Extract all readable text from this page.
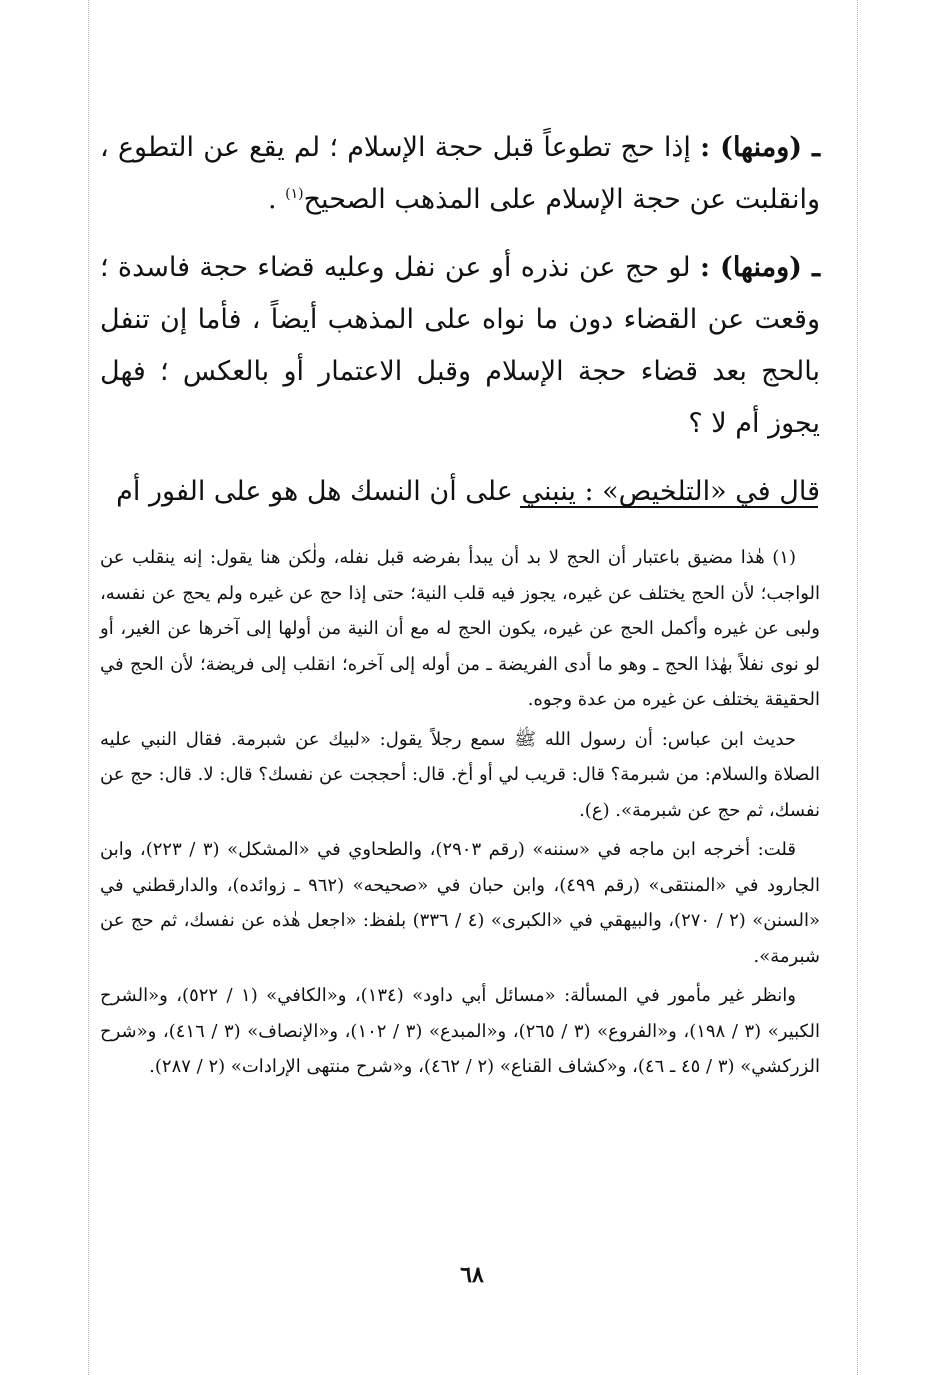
ـ (ومنها) : إذا حج تطوعاً قبل حجة الإسلام ؛ لم يقع عن التطوع ، وانقلبت عن حجة الإسلام على المذهب الصحيح$^{(١)}$ .

ـ (ومنها) : لو حج عن نذره أو عن نفل وعليه قضاء حجة فاسدة ؛ وقعت عن القضاء دون ما نواه على المذهب أيضاً ، فأما إن تنفل بالحج بعد قضاء حجة الإسلام وقبل الاعتمار أو بالعكس ؛ فهل يجوز أم لا ؟

قال في «التلخيص» : ينبني على أن النسك هل هو على الفور أم

(١) هٰذا مضيق باعتبار أن الحج لا بد أن يبدأ بفرضه قبل نفله، ولٰكن هنا يقول: إنه ينقلب عن الواجب؛ لأن الحج يختلف عن غيره، يجوز فيه قلب النية؛ حتى إذا حج عن غيره ولم يحج عن نفسه، ولبى عن غيره وأكمل الحج عن غيره، يكون الحج له مع أن النية من أولها إلى آخرها عن الغير، أو لو نوى نفلاً بهٰذا الحج ـ وهو ما أدى الفريضة ـ من أوله إلى آخره؛ انقلب إلى فريضة؛ لأن الحج في الحقيقة يختلف عن غيره من عدة وجوه.

حديث ابن عباس: أن رسول الله ﷺ سمع رجلاً يقول: «لبيك عن شبرمة. فقال النبي عليه الصلاة والسلام: من شبرمة؟ قال: قريب لي أو أخ. قال: أحججت عن نفسك؟ قال: لا. قال: حج عن نفسك، ثم حج عن شبرمة». (ع).

قلت: أخرجه ابن ماجه في «سننه» (رقم ٢٩٠٣)، والطحاوي في «المشكل» (٣ / ٢٢٣)، وابن الجارود في «المنتقى» (رقم ٤٩٩)، وابن حبان في «صحيحه» (٩٦٢ ـ زوائده)، والدارقطني في «السنن» (٢ / ٢٧٠)، والبيهقي في «الكبرى» (٤ / ٣٣٦) بلفظ: «اجعل هٰذه عن نفسك، ثم حج عن شبرمة».

وانظر غير مأمور في المسألة: «مسائل أبي داود» (١٣٤)، و«الكافي» (١ / ٥٢٢)، و«الشرح الكبير» (٣ / ١٩٨)، و«الفروع» (٣ / ٢٦٥)، و«المبدع» (٣ / ١٠٢)، و«الإنصاف» (٣ / ٤١٦)، و«شرح الزركشي» (٣ / ٤٥ ـ ٤٦)، و«كشاف القناع» (٢ / ٤٦٢)، و«شرح منتهى الإرادات» (٢ / ٢٨٧).

٦٨
